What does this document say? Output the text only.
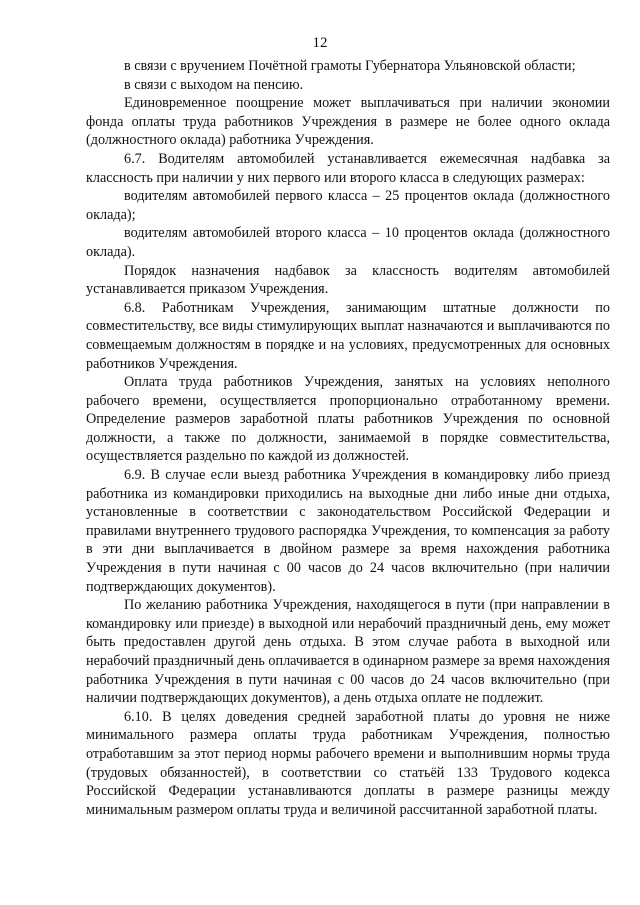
12

в связи с вручением Почётной грамоты Губернатора Ульяновской области;

в связи с выходом на пенсию.

Единовременное поощрение может выплачиваться при наличии экономии фонда оплаты труда работников Учреждения в размере не более одного оклада (должностного оклада) работника Учреждения.

6.7. Водителям автомобилей устанавливается ежемесячная надбавка за классность при наличии у них первого или второго класса в следующих размерах:

водителям автомобилей первого класса – 25 процентов оклада (должностного оклада);

водителям автомобилей второго класса – 10 процентов оклада (должностного оклада).

Порядок назначения надбавок за классность водителям автомобилей устанавливается приказом Учреждения.

6.8. Работникам Учреждения, занимающим штатные должности по совместительству, все виды стимулирующих выплат назначаются и выплачиваются по совмещаемым должностям в порядке и на условиях, предусмотренных для основных работников Учреждения.

Оплата труда работников Учреждения, занятых на условиях неполного рабочего времени, осуществляется пропорционально отработанному времени. Определение размеров заработной платы работников Учреждения по основной должности, а также по должности, занимаемой в порядке совместительства, осуществляется раздельно по каждой из должностей.

6.9. В случае если выезд работника Учреждения в командировку либо приезд работника из командировки приходились на выходные дни либо иные дни отдыха, установленные в соответствии с законодательством Российской Федерации и правилами внутреннего трудового распорядка Учреждения, то компенсация за работу в эти дни выплачивается в двойном размере за время нахождения работника Учреждения в пути начиная с 00 часов до 24 часов включительно (при наличии подтверждающих документов).

По желанию работника Учреждения, находящегося в пути (при направлении в командировку или приезде) в выходной или нерабочий праздничный день, ему может быть предоставлен другой день отдыха. В этом случае работа в выходной или нерабочий праздничный день оплачивается в одинарном размере за время нахождения работника Учреждения в пути начиная с 00 часов до 24 часов включительно (при наличии подтверждающих документов), а день отдыха оплате не подлежит.

6.10. В целях доведения средней заработной платы до уровня не ниже минимального размера оплаты труда работникам Учреждения, полностью отработавшим за этот период нормы рабочего времени и выполнившим нормы труда (трудовых обязанностей), в соответствии со статьёй 133 Трудового кодекса Российской Федерации устанавливаются доплаты в размере разницы между минимальным размером оплаты труда и величиной рассчитанной заработной платы.
